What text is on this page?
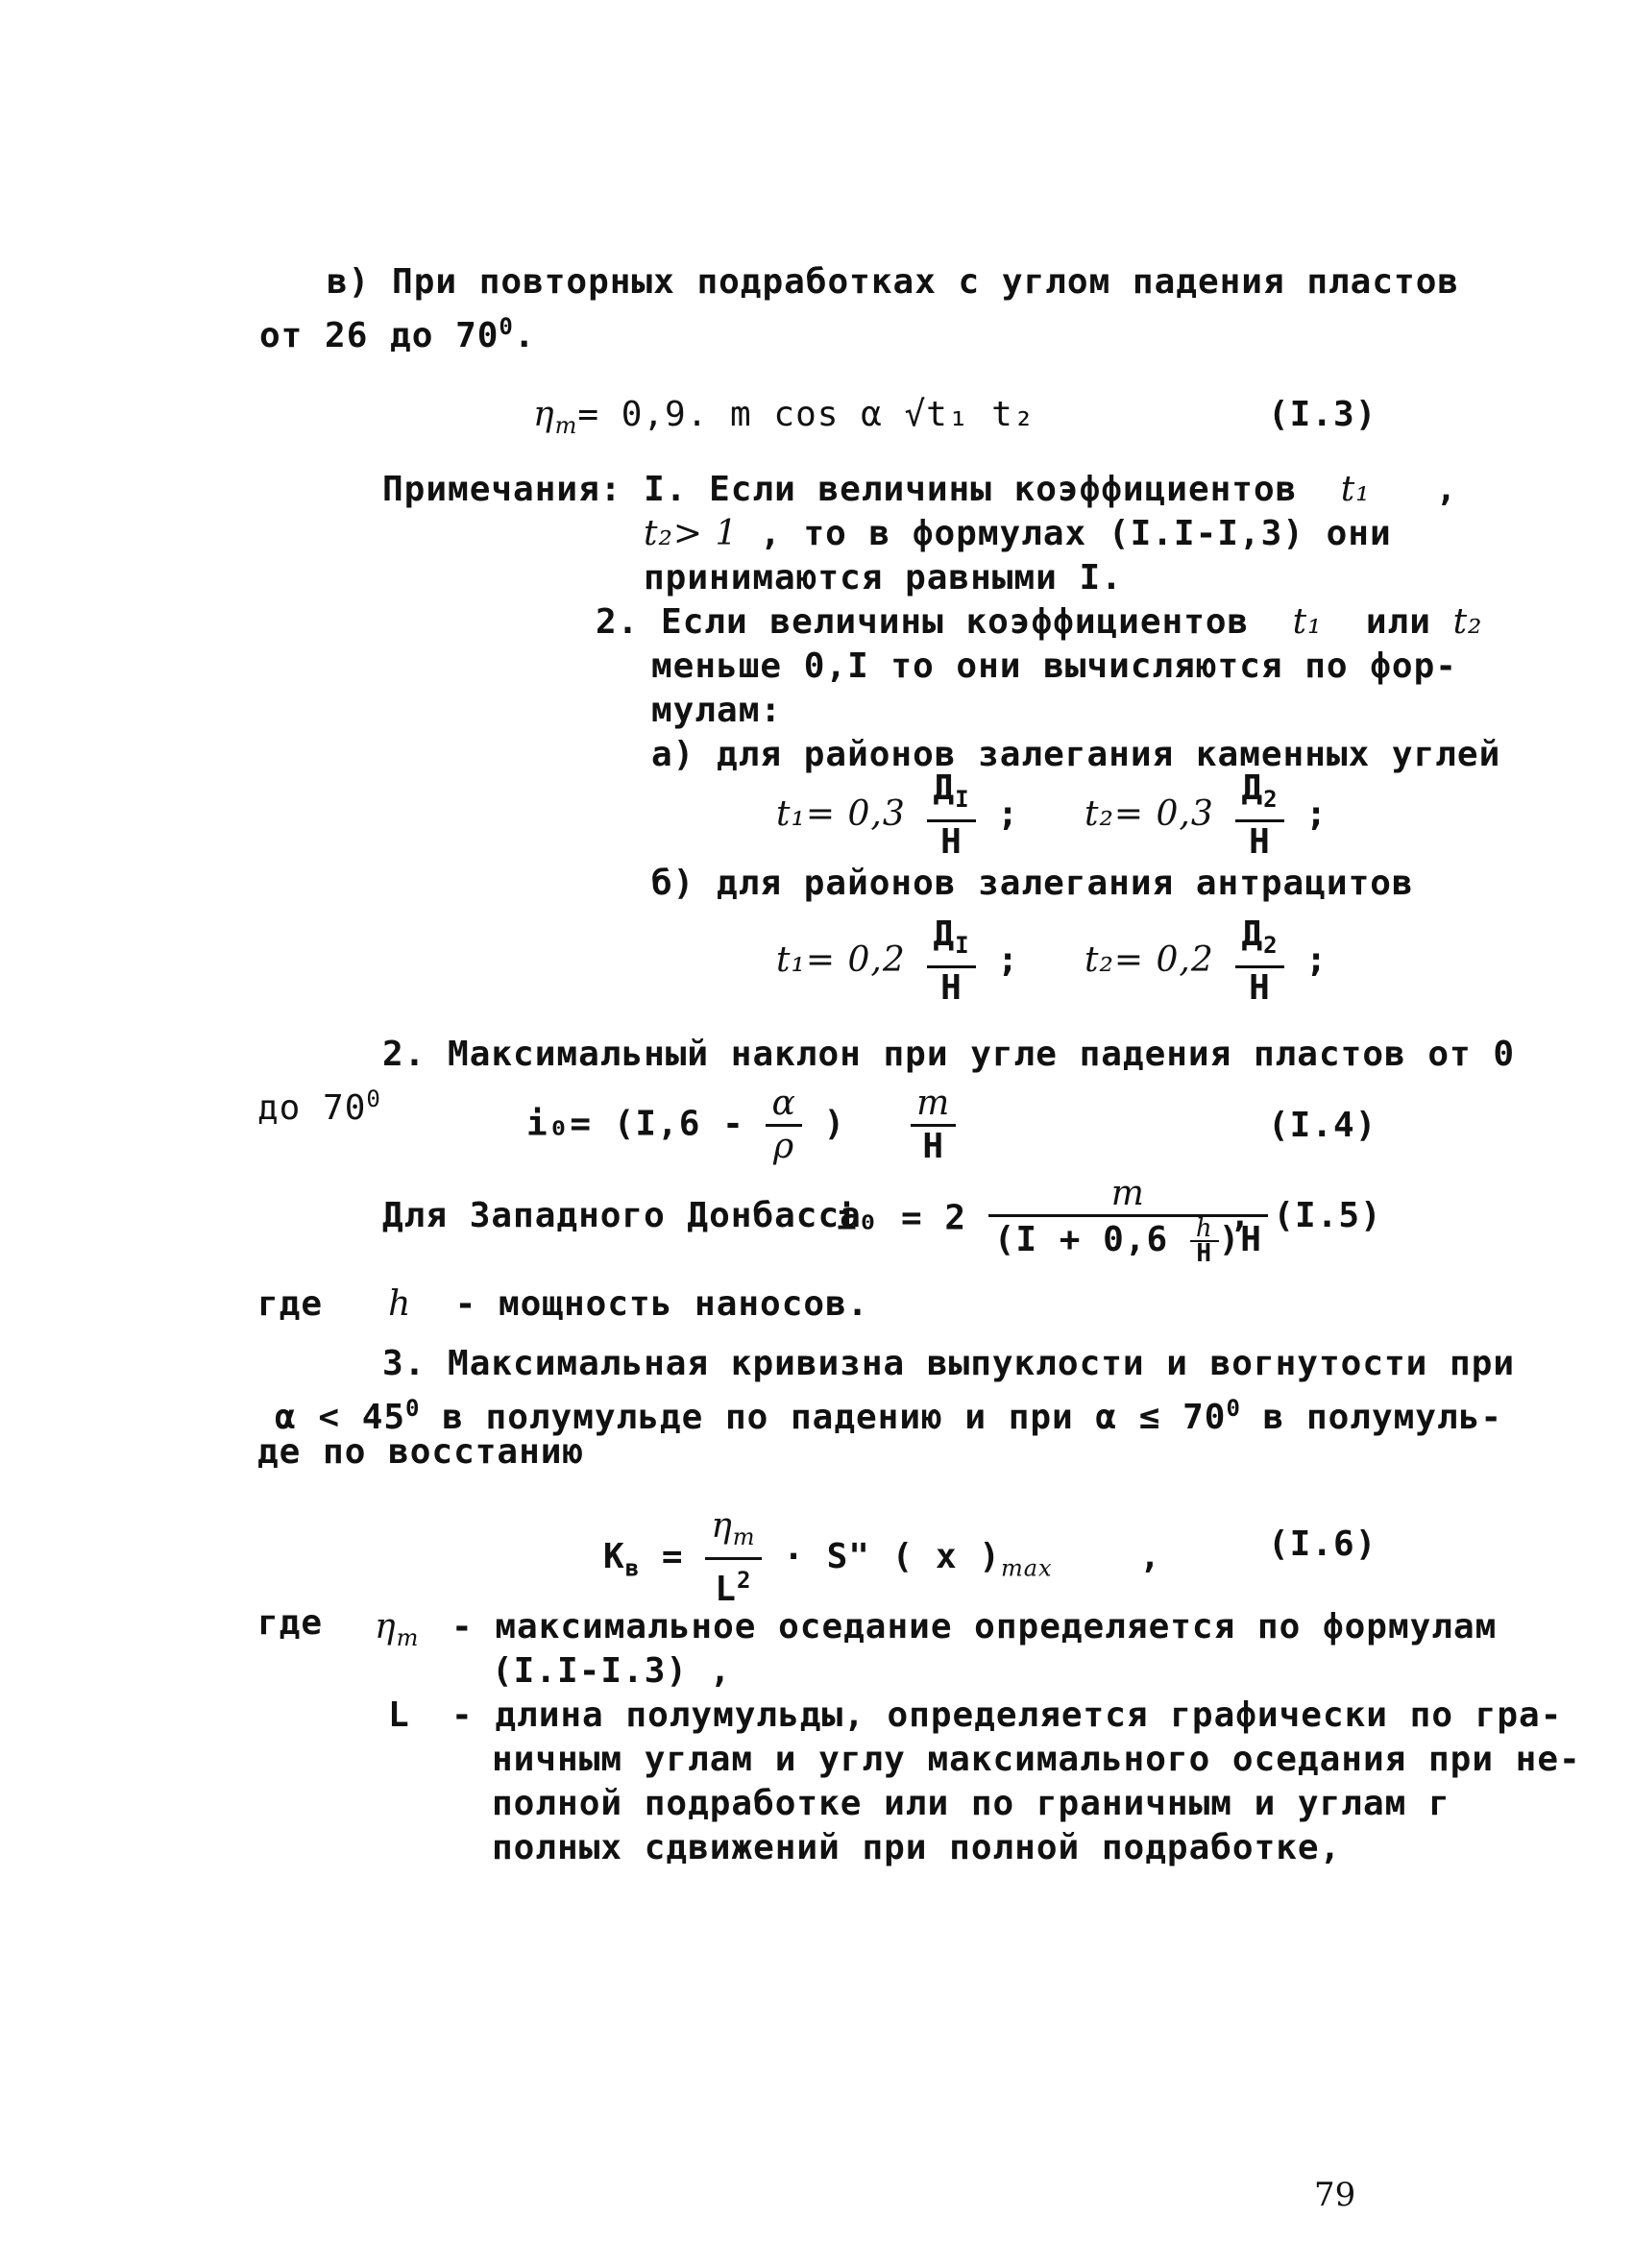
в) При повторных подработках с углом падения пластов
от 26 до $70^0$.
$\eta_m= 0,9$. m cos α √t₁ t₂	(I.3)
Примечания: I. Если величины коэффициентов t₁ ,
t₂> 1 , то в формулах (I.I-I,3) они
принимаются равными I.
2. Если величины коэффициентов t₁ или t₂
меньше 0,I то они вычисляются по фор-
мулам:
а) для районов залегания каменных углей
$t_1= 0,3 \frac{Д_I}{Н}$ ; $t_2= 0,3 \frac{Д_2}{Н}$ ;
б) для районов залегания антрацитов
$t_1= 0,2 \frac{Д_I}{Н}$ ; $t_2= 0,2 \frac{Д_2}{Н}$ ;
2. Максимальный наклон при угле падения пластов от 0
до $70^0$
$i_0= (I,6 - \frac{\alpha}{\rho}$ ) $\frac{m}{Н}$	(I.4)
Для Западного Донбасса
$i_0 = 2 \frac{m}{(I + 0,6 \frac{h}{Н} )Н}$
, (I.5)
где h - мощность наносов.
3. Максимальная кривизна выпуклости и вогнутости при
$\alpha < 45^0$ в полумульде по падению и при $\alpha \le 70^0$ в полумуль-
де по восстанию
$К_в = \frac{\eta_m}{L^2} \cdot S$" ( x )$_{max}$	,	(I.6)
где $\eta_m$ - максимальное оседание определяется по формулам
(I.I-I.3) ,
L - длина полумульды, определяется графически по гра-
ничным углам и углу максимального оседания при не-
полной подработке или по граничным и углам г
полных сдвижений при полной подработке,
79
